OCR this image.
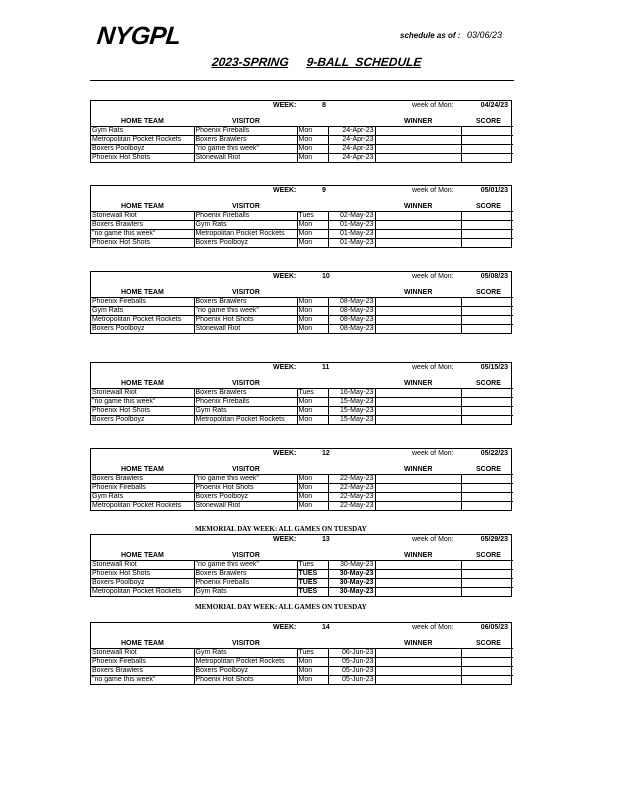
NYGPL	schedule as of : 03/06/23
2023-SPRING 9-BALL SCHEDULE
WEEK:	8	week of Mon:	04/24/23
HOME TEAM	VISITOR	WINNER	SCORE
Gym Rats	Phoenix Fireballs	Mon	24-Apr-23		
Metropolitan Pocket Rockets	Boxers Brawlers	Mon	24-Apr-23		
Boxers Poolboyz	"no game this week"	Mon	24-Apr-23		
Phoenix Hot Shots	Stonewall Riot	Mon	24-Apr-23		
WEEK:	9	week of Mon:	05/01/23
HOME TEAM	VISITOR	WINNER	SCORE
Stonewall Riot	Phoenix Fireballs	Tues	02-May-23		
Boxers Brawlers	Gym Rats	Mon	01-May-23		
"no game this week"	Metropolitan Pocket Rockets	Mon	01-May-23		
Phoenix Hot Shots	Boxers Poolboyz	Mon	01-May-23		
WEEK:	10	week of Mon:	05/08/23
HOME TEAM	VISITOR	WINNER	SCORE
Phoenix Fireballs	Boxers Brawlers	Mon	08-May-23		
Gym Rats	"no game this week"	Mon	08-May-23		
Metropolitan Pocket Rockets	Phoenix Hot Shots	Mon	08-May-23		
Boxers Poolboyz	Stonewall Riot	Mon	08-May-23		
WEEK:	11	week of Mon:	05/15/23
HOME TEAM	VISITOR	WINNER	SCORE
Stonewall Riot	Boxers Brawlers	Tues	16-May-23		
"no game this week"	Phoenix Fireballs	Mon	15-May-23		
Phoenix Hot Shots	Gym Rats	Mon	15-May-23		
Boxers Poolboyz	Metropolitan Pocket Rockets	Mon	15-May-23		
WEEK:	12	week of Mon:	05/22/23
HOME TEAM	VISITOR	WINNER	SCORE
Boxers Brawlers	"no game this week"	Mon	22-May-23		
Phoenix Fireballs	Phoenix Hot Shots	Mon	22-May-23		
Gym Rats	Boxers Poolboyz	Mon	22-May-23		
Metropolitan Pocket Rockets	Stonewall Riot	Mon	22-May-23		
MEMORIAL DAY WEEK: ALL GAMES ON TUESDAY
WEEK:	13	week of Mon:	05/29/23
HOME TEAM	VISITOR	WINNER	SCORE
Stonewall Riot	"no game this week"	Tues	30-May-23		
Phoenix Hot Shots	Boxers Brawlers	TUES	30-May-23		
Boxers Poolboyz	Phoenix Fireballs	TUES	30-May-23		
Metropolitan Pocket Rockets	Gym Rats	TUES	30-May-23		
MEMORIAL DAY WEEK: ALL GAMES ON TUESDAY
WEEK:	14	week of Mon:	06/05/23
HOME TEAM	VISITOR	WINNER	SCORE
Stonewall Riot	Gym Rats	Tues	06-Jun-23		
Phoenix Fireballs	Metropolitan Pocket Rockets	Mon	05-Jun-23		
Boxers Brawlers	Boxers Poolboyz	Mon	05-Jun-23		
"no game this week"	Phoenix Hot Shots	Mon	05-Jun-23		
